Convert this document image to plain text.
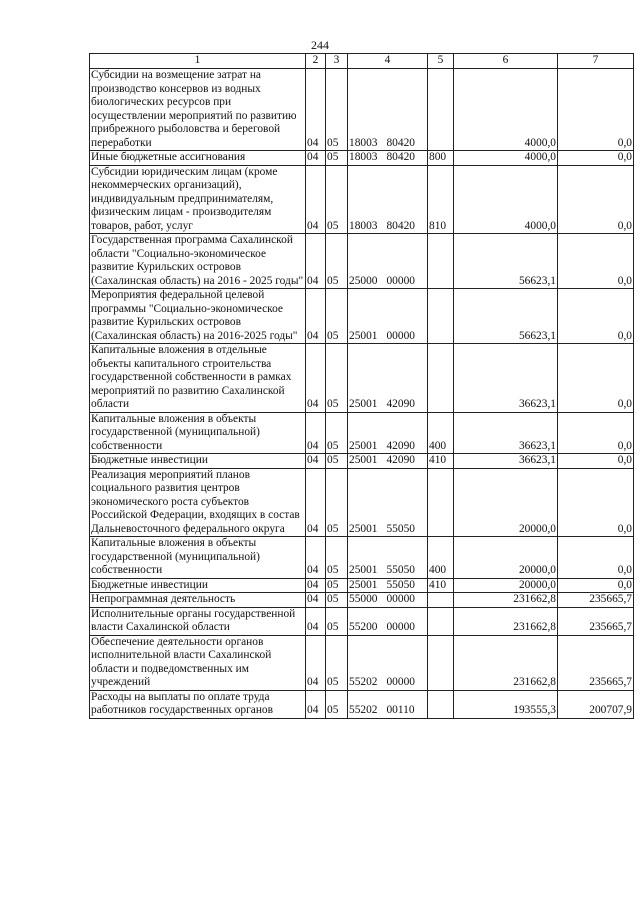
244
1	2	3	4	5	6	7
Субсидии на возмещение затрат на производство консервов из водных биологических ресурсов при осуществлении мероприятий по развитию прибрежного рыболовства и береговой переработки	04	05	18003 80420		4000,0	0,0
Иные бюджетные ассигнования	04	05	18003 80420	800	4000,0	0,0
Субсидии юридическим лицам (кроме некоммерческих организаций), индивидуальным предпринимателям, физическим лицам - производителям товаров, работ, услуг	04	05	18003 80420	810	4000,0	0,0
Государственная программа Сахалинской области "Социально-экономическое развитие Курильских островов (Сахалинская область) на 2016 - 2025 годы"	04	05	25000 00000		56623,1	0,0
Мероприятия федеральной целевой программы "Социально-экономическое развитие Курильских островов (Сахалинская область) на 2016-2025 годы"	04	05	25001 00000		56623,1	0,0
Капитальные вложения в отдельные объекты капитального строительства государственной собственности в рамках мероприятий по развитию Сахалинской области	04	05	25001 42090		36623,1	0,0
Капитальные вложения в объекты государственной (муниципальной) собственности	04	05	25001 42090	400	36623,1	0,0
Бюджетные инвестиции	04	05	25001 42090	410	36623,1	0,0
Реализация мероприятий планов социального развития центров экономического роста субъектов Российской Федерации, входящих в состав Дальневосточного федерального округа	04	05	25001 55050		20000,0	0,0
Капитальные вложения в объекты государственной (муниципальной) собственности	04	05	25001 55050	400	20000,0	0,0
Бюджетные инвестиции	04	05	25001 55050	410	20000,0	0,0
Непрограммная деятельность	04	05	55000 00000		231662,8	235665,7
Исполнительные органы государственной власти Сахалинской области	04	05	55200 00000		231662,8	235665,7
Обеспечение деятельности органов исполнительной власти Сахалинской области и подведомственных им учреждений	04	05	55202 00000		231662,8	235665,7
Расходы на выплаты по оплате труда работников государственных органов	04	05	55202 00110		193555,3	200707,9
